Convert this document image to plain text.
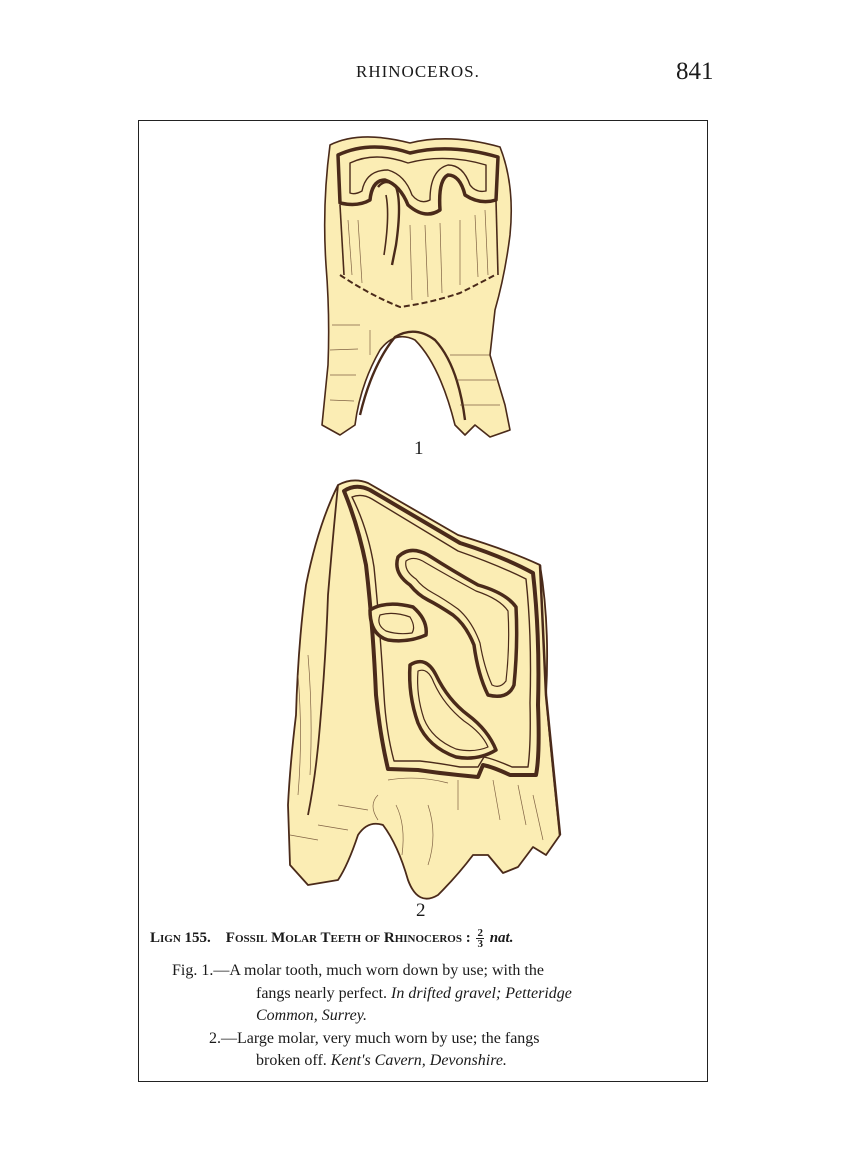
RHINOCEROS.	841
1
2
Lign 155. Fossil Molar Teeth of Rhinoceros : $\frac{2}{3}$ nat.
Fig. 1.—A molar tooth, much worn down by use; with the
fangs nearly perfect. In drifted gravel; Petteridge
Common, Surrey.
2.—Large molar, very much worn by use; the fangs
broken off. Kent's Cavern, Devonshire.
